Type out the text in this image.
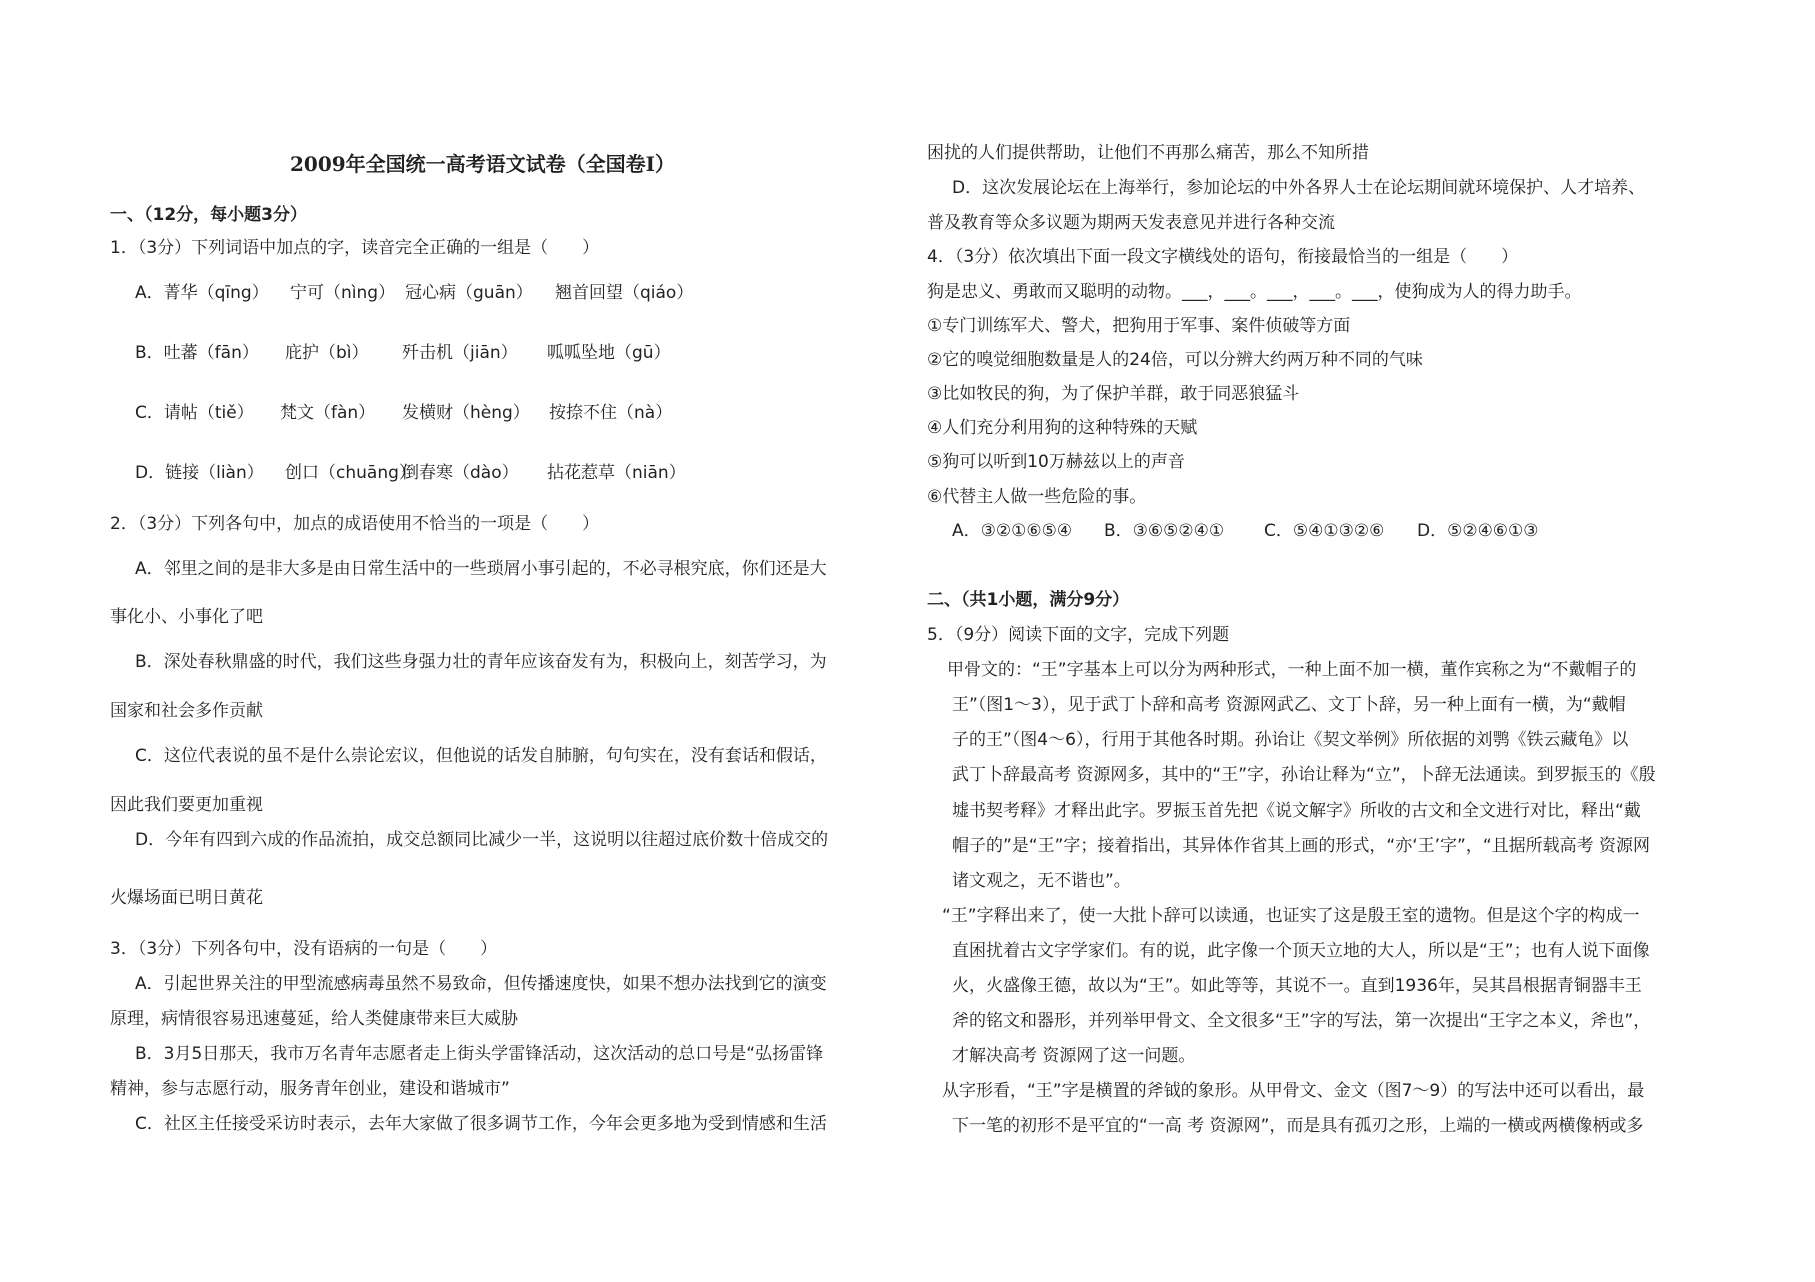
2009年全国统一高考语文试卷（全国卷I）
一、（12分，每小题3分）
1．（3分）下列词语中加点的字，读音完全正确的一组是（　　）
A．菁华（qīng） 宁可（nìng） 冠心病（guān） 翘首回望（qiáo）
B．吐蕃（fān） 庇护（bì） 歼击机（jiān） 呱呱坠地（gū）
C．请帖（tiě） 梵文（fàn） 发横财（hèng） 按捺不住（nà）
D．链接（liàn） 创口（chuāng）倒春寒（dào） 拈花惹草（niān）
2．（3分）下列各句中，加点的成语使用不恰当的一项是（　　）
A．邻里之间的是非大多是由日常生活中的一些琐屑小事引起的，不必寻根究底，你们还是大
事化小、小事化了吧
B．深处春秋鼎盛的时代，我们这些身强力壮的青年应该奋发有为，积极向上，刻苦学习，为
国家和社会多作贡献
C．这位代表说的虽不是什么崇论宏议，但他说的话发自肺腑，句句实在，没有套话和假话，
因此我们要更加重视
D．今年有四到六成的作品流拍，成交总额同比减少一半，这说明以往超过底价数十倍成交的
火爆场面已明日黄花
3．（3分）下列各句中，没有语病的一句是（　　）
A．引起世界关注的甲型流感病毒虽然不易致命，但传播速度快，如果不想办法找到它的演变
原理，病情很容易迅速蔓延，给人类健康带来巨大威胁
B．3月5日那天，我市万名青年志愿者走上街头学雷锋活动，这次活动的总口号是“弘扬雷锋
精神，参与志愿行动，服务青年创业，建设和谐城市”
C．社区主任接受采访时表示，去年大家做了很多调节工作，今年会更多地为受到情感和生活
困扰的人们提供帮助，让他们不再那么痛苦，那么不知所措
D．这次发展论坛在上海举行，参加论坛的中外各界人士在论坛期间就环境保护、人才培养、
普及教育等众多议题为期两天发表意见并进行各种交流
4．（3分）依次填出下面一段文字横线处的语句，衔接最恰当的一组是（　　）
狗是忠义、勇敢而又聪明的动物。___，___。___，___。___，使狗成为人的得力助手。
①专门训练军犬、警犬，把狗用于军事、案件侦破等方面
②它的嗅觉细胞数量是人的24倍，可以分辨大约两万种不同的气味
③比如牧民的狗，为了保护羊群，敢于同恶狼猛斗
④人们充分利用狗的这种特殊的天赋
⑤狗可以听到10万赫兹以上的声音
⑥代替主人做一些危险的事。
A．③②①⑥⑤④ B．③⑥⑤②④① C．⑤④①③②⑥ D．⑤②④⑥①③
二、（共1小题，满分9分）
5．（9分）阅读下面的文字，完成下列题
甲骨文的：“王”字基本上可以分为两种形式，一种上面不加一横，董作宾称之为“不戴帽子的
王”（图1～3），见于武丁卜辞和高考 资源网武乙、文丁卜辞，另一种上面有一横，为“戴帽
子的王”（图4～6），行用于其他各时期。孙诒让《契文举例》所依据的刘鹗《铁云藏龟》以
武丁卜辞最高考 资源网多，其中的“王”字，孙诒让释为“立”，卜辞无法通读。到罗振玉的《殷
墟书契考释》才释出此字。罗振玉首先把《说文解字》所收的古文和全文进行对比，释出“戴
帽子的”是“王”字；接着指出，其异体作省其上画的形式，“亦‘王’字”，“且据所载高考 资源网
诸文观之，无不谐也”。
“王”字释出来了，使一大批卜辞可以读通，也证实了这是殷王室的遗物。但是这个字的构成一
直困扰着古文字学家们。有的说，此字像一个顶天立地的大人，所以是“王”；也有人说下面像
火，火盛像王德，故以为“王”。如此等等，其说不一。直到1936年，吴其昌根据青铜器丰王
斧的铭文和器形，并列举甲骨文、全文很多“王”字的写法，第一次提出“王字之本义，斧也”，
才解决高考 资源网了这一问题。
从字形看，“王”字是横置的斧钺的象形。从甲骨文、金文（图7～9）的写法中还可以看出，最
下一笔的初形不是平宜的“一高 考 资源网”，而是具有孤刃之形，上端的一横或两横像柄或多
